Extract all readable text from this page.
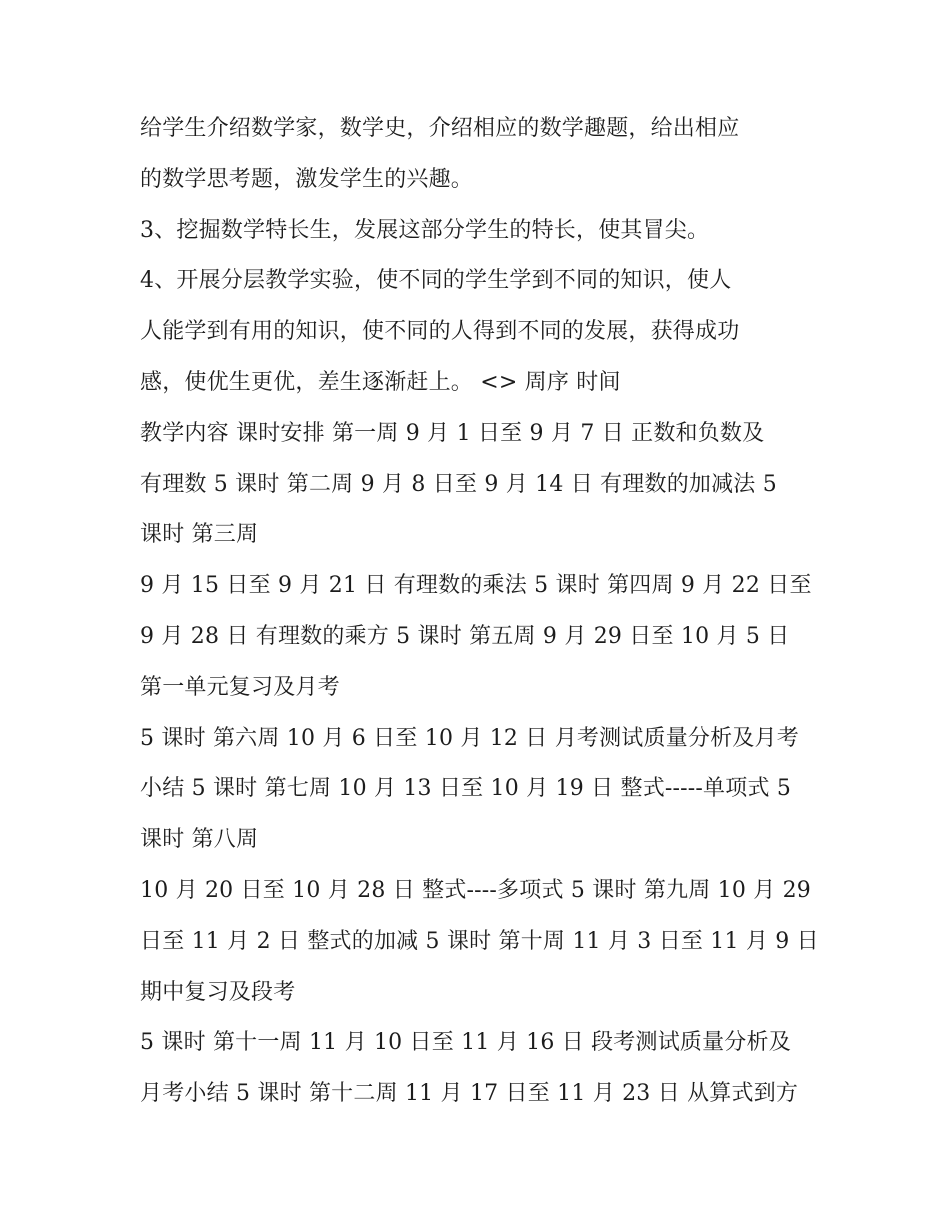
给学生介绍数学家，数学史，介绍相应的数学趣题，给出相应
的数学思考题，激发学生的兴趣。
3、挖掘数学特长生，发展这部分学生的特长，使其冒尖。
4、开展分层教学实验，使不同的学生学到不同的知识，使人
人能学到有用的知识，使不同的人得到不同的发展，获得成功
感，使优生更优，差生逐渐赶上。 <> 周序 时间
教学内容 课时安排 第一周 9 月 1 日至 9 月 7 日 正数和负数及
有理数 5 课时 第二周 9 月 8 日至 9 月 14 日 有理数的加减法 5
课时 第三周
9 月 15 日至 9 月 21 日 有理数的乘法 5 课时 第四周 9 月 22 日至
9 月 28 日 有理数的乘方 5 课时 第五周 9 月 29 日至 10 月 5 日
第一单元复习及月考
5 课时 第六周 10 月 6 日至 10 月 12 日 月考测试质量分析及月考
小结 5 课时 第七周 10 月 13 日至 10 月 19 日 整式-----单项式 5
课时 第八周
10 月 20 日至 10 月 28 日 整式----多项式 5 课时 第九周 10 月 29
日至 11 月 2 日 整式的加减 5 课时 第十周 11 月 3 日至 11 月 9 日
期中复习及段考
5 课时 第十一周 11 月 10 日至 11 月 16 日 段考测试质量分析及
月考小结 5 课时 第十二周 11 月 17 日至 11 月 23 日 从算式到方
